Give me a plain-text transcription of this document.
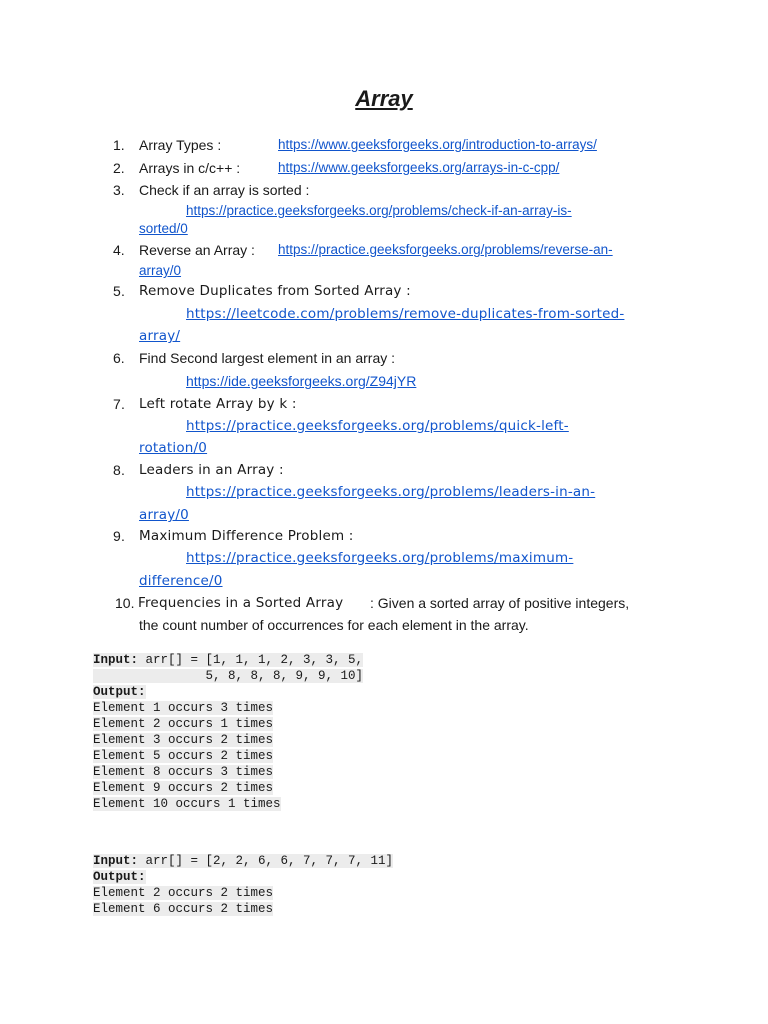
Array
1.	Array Types :	https://www.geeksforgeeks.org/introduction-to-arrays/
2.	Arrays in c/c++ :	https://www.geeksforgeeks.org/arrays-in-c-cpp/
3.	Check if an array is sorted :
https://practice.geeksforgeeks.org/problems/check-if-an-array-is-
sorted/0
4.	Reverse an Array : https://practice.geeksforgeeks.org/problems/reverse-an-
array/0
5.	Remove Duplicates from Sorted Array :
https://leetcode.com/problems/remove-duplicates-from-sorted-
array/
6.	Find Second largest element in an array :
https://ide.geeksforgeeks.org/Z94jYR
7.	Left rotate Array by k :
https://practice.geeksforgeeks.org/problems/quick-left-
rotation/0
8.	Leaders in an Array :
https://practice.geeksforgeeks.org/problems/leaders-in-an-
array/0
9.	Maximum Difference Problem :
https://practice.geeksforgeeks.org/problems/maximum-
difference/0
10. Frequencies in a Sorted Array : Given a sorted array of positive integers,
the count number of occurrences for each element in the array.
Input: arr[] = [1, 1, 1, 2, 3, 3, 5,
5, 8, 8, 8, 9, 9, 10]
Output:
Element 1 occurs 3 times
Element 2 occurs 1 times
Element 3 occurs 2 times
Element 5 occurs 2 times
Element 8 occurs 3 times
Element 9 occurs 2 times
Element 10 occurs 1 times

Input: arr[] = [2, 2, 6, 6, 7, 7, 7, 11]
Output:
Element 2 occurs 2 times
Element 6 occurs 2 times
